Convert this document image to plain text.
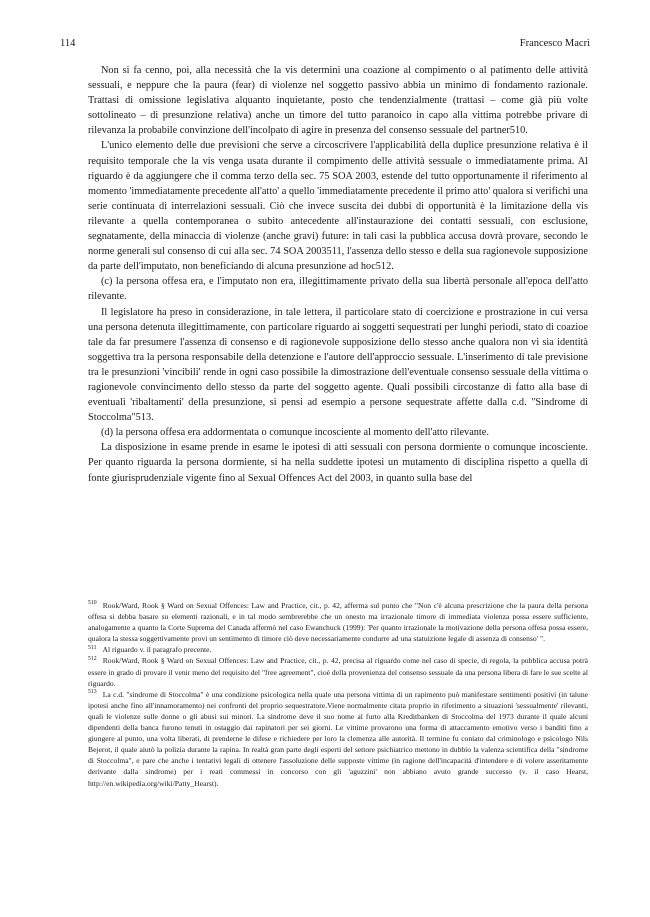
114	Francesco Macrì

Non si fa cenno, poi, alla necessità che la vis determini una coazione al compimento o al patimento delle attività sessuali, e neppure che la paura (fear) di violenze nel soggetto passivo abbia un minimo di fondamento razionale. Trattasi di omissione legislativa alquanto inquietante, posto che tendenzialmente (trattasi – come già più volte sottolineato – di presunzione relativa) anche un timore del tutto paranoico in capo alla vittima potrebbe privare di rilevanza la probabile convinzione dell'incolpato di agire in presenza del consenso sessuale del partner510.

L'unico elemento delle due previsioni che serve a circoscrivere l'applicabilità della duplice presunzione relativa è il requisito temporale che la vis venga usata durante il compimento delle attività sessuale o immediatamente prima. Al riguardo è da aggiungere che il comma terzo della sec. 75 SOA 2003, estende del tutto opportunamente il riferimento al momento 'immediatamente precedente all'atto' a quello 'immediatamente precedente il primo atto' qualora si verifichi una serie continuata di interrelazioni sessuali. Ciò che invece suscita dei dubbi di opportunità è la limitazione della vis rilevante a quella contemporanea o subito antecedente all'instaurazione dei contatti sessuali, con esclusione, segnatamente, della minaccia di violenze (anche gravi) future: in tali casi la pubblica accusa dovrà provare, secondo le norme generali sul consenso di cui alla sec. 74 SOA 2003511, l'assenza dello stesso e della sua ragionevole supposizione da parte dell'imputato, non beneficiando di alcuna presunzione ad hoc512.

(c) la persona offesa era, e l'imputato non era, illegittimamente privato della sua libertà personale all'epoca dell'atto rilevante.

Il legislatore ha preso in considerazione, in tale lettera, il particolare stato di coercizione e prostrazione in cui versa una persona detenuta illegittimamente, con particolare riguardo ai soggetti sequestrati per lunghi periodi, stato di coazioe tale da far presumere l'assenza di consenso e di ragionevole supposizione dello stesso anche qualora non vi sia identità soggettiva tra la persona responsabile della detenzione e l'autore dell'approccio sessuale. L'inserimento di tale previsione tra le presunzioni 'vincibili' rende in ogni caso possibile la dimostrazione dell'eventuale consenso sessuale della vittima o ragionevole convincimento dello stesso da parte del soggetto agente. Quali possibili circostanze di fatto alla base di eventuali 'ribaltamenti' della presunzione, si pensi ad esempio a persone sequestrate affette dalla c.d. "Sindrome di Stoccolma"513.

(d) la persona offesa era addormentata o comunque incosciente al momento dell'atto rilevante.

La disposizione in esame prende in esame le ipotesi di atti sessuali con persona dormiente o comunque incosciente. Per quanto riguarda la persona dormiente, si ha nella suddette ipotesi un mutamento di disciplina rispetto a quella di fonte giurisprudenziale vigente fino al Sexual Offences Act del 2003, in quanto sulla base del

$^{510}$ Rook/Ward, Rook § Ward on Sexual Offences: Law and Practice, cit., p. 42, afferma sul punto che "Non c'è alcuna prescrizione che la paura della persona offesa si debba basare su elementi razionali, e in tal modo sembrerebbe che un onesto ma irrazionale timore di immediata violenza possa essere sufficiente, analogamente a quanto la Corte Suprema del Canada affermò nel caso Ewanchuck (1999): 'Per quanto irrazionale la motivazione della persona offesa possa essere, qualora la stessa soggettivamente provi un sentimento di timore ciò deve necessariamente condurre ad una statuizione legale di assenza di consenso' ".

$^{511}$ Al riguardo v. il paragrafo precente.

$^{512}$ Rook/Ward, Rook § Ward on Sexual Offences: Law and Practice, cit., p. 42, precisa al riguardo come nel caso di specie, di regola, la pubblica accusa potrà essere in grado di provare il venir meno del requisito del "free agreement", cioè della provenienza del consenso sessuale da una persona libera di fare le sue scelte al riguardo.

$^{513}$ La c.d. "sindrome di Stoccolma" è una condizione psicologica nella quale una persona vittima di un rapimento può manifestare sentimenti positivi (in talune ipotesi anche fino all'innamoramento) nei confronti del proprio sequestratore.Viene normalmente citata proprio in riferimento a situazioni 'sessualmente' rilevanti, quali le violenze sulle donne o gli abusi sui minori. La sindrome deve il suo nome al furto alla Kreditbanken di Stoccolma del 1973 durante il quale alcuni dipendenti della banca furono tenuti in ostaggio dai rapinatori per sei giorni. Le vittime provarono una forma di attaccamento emotivo verso i banditi fino a giungere al punto, una volta liberati, di prenderne le difese e richiedere per loro la clemenza alle autorità. Il termine fu coniato dal criminologo e psicologo Nils Bejerot, il quale aiutò la polizia durante la rapina. In realtà gran parte degli esperti del settore psichiatrico mettono in dubbio la valenza scientifica della "sindrome di Stoccolma", e pare che anche i tentativi legali di ottenere l'assoluzione delle supposte vittime (in ragione dell'incapacità d'intendere e di volere asseritamente derivante dalla sindrome) per i reati commessi in concorso con gli 'aguzzini' non abbiano avuto grande successo (v. il caso Hearst, http://en.wikipedia.org/wiki/Patty_Hearst).
